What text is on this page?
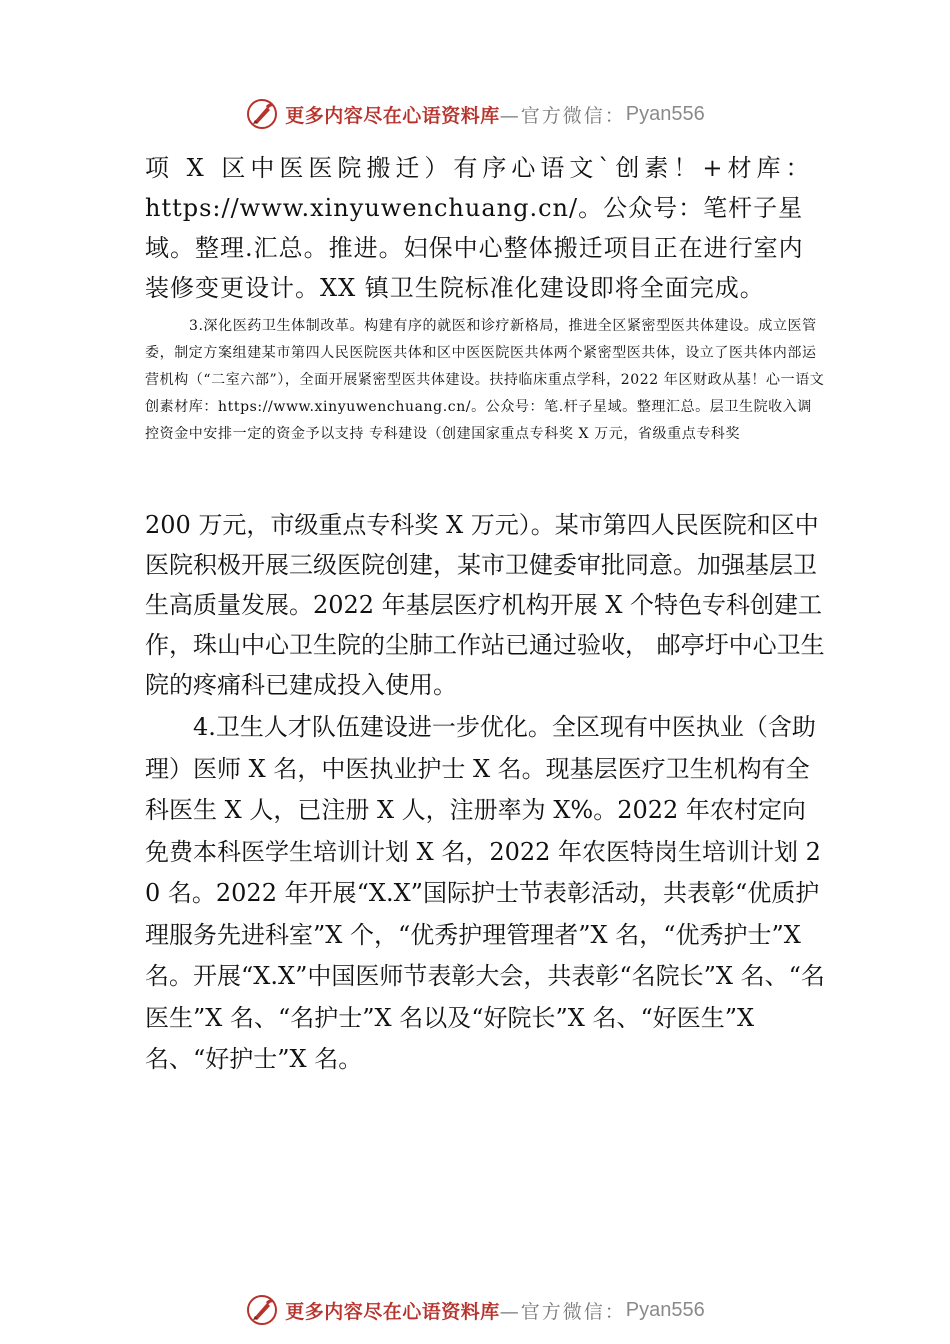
更多内容尽在心语资料库 —官方微信： Pyan556

项 X 区中医医院搬迁）有序心语文`创素！+材库：

https://www.xinyuwenchuang.cn/。公众号：笔杆子星域。整理.汇总。推进。妇保中心整体搬迁项目正在进行室内装修变更设计。XX 镇卫生院标准化建设即将全面完成。

3.深化医药卫生体制改革。构建有序的就医和诊疗新格局，推进全区紧密型医共体建设。成立医管委，制定方案组建某市第四人民医院医共体和区中医医院医共体两个紧密型医共体，设立了医共体内部运营机构（“二室六部”），全面开展紧密型医共体建设。扶持临床重点学科，2022 年区财政从基！心一语文创素材库：https://www.xinyuwenchuang.cn/。公众号：笔.杆子星域。整理汇总。层卫生院收入调控资金中安排一定的资金予以支持 专科建设（创建国家重点专科奖 X 万元，省级重点专科奖

200 万元，市级重点专科奖 X 万元）。某市第四人民医院和区中医院积极开展三级医院创建，某市卫健委审批同意。加强基层卫生高质量发展。2022 年基层医疗机构开展 X 个特色专科创建工作，珠山中心卫生院的尘肺工作站已通过验收， 邮亭圩中心卫生院的疼痛科已建成投入使用。

4.卫生人才队伍建设进一步优化。全区现有中医执业（含助理）医师 X 名，中医执业护士 X 名。现基层医疗卫生机构有全科医生 X 人，已注册 X 人，注册率为 X%。2022 年农村定向免费本科医学生培训计划 X 名，2022 年农医特岗生培训计划 20 名。2022 年开展“X.X”国际护士节表彰活动，共表彰“优质护理服务先进科室”X 个，“优秀护理管理者”X 名，“优秀护士”X 名。开展“X.X”中国医师节表彰大会，共表彰“名院长”X 名、“名医生”X 名、“名护士”X 名以及“好院长”X 名、“好医生”X 名、“好护士”X 名。

更多内容尽在心语资料库 —官方微信： Pyan556
